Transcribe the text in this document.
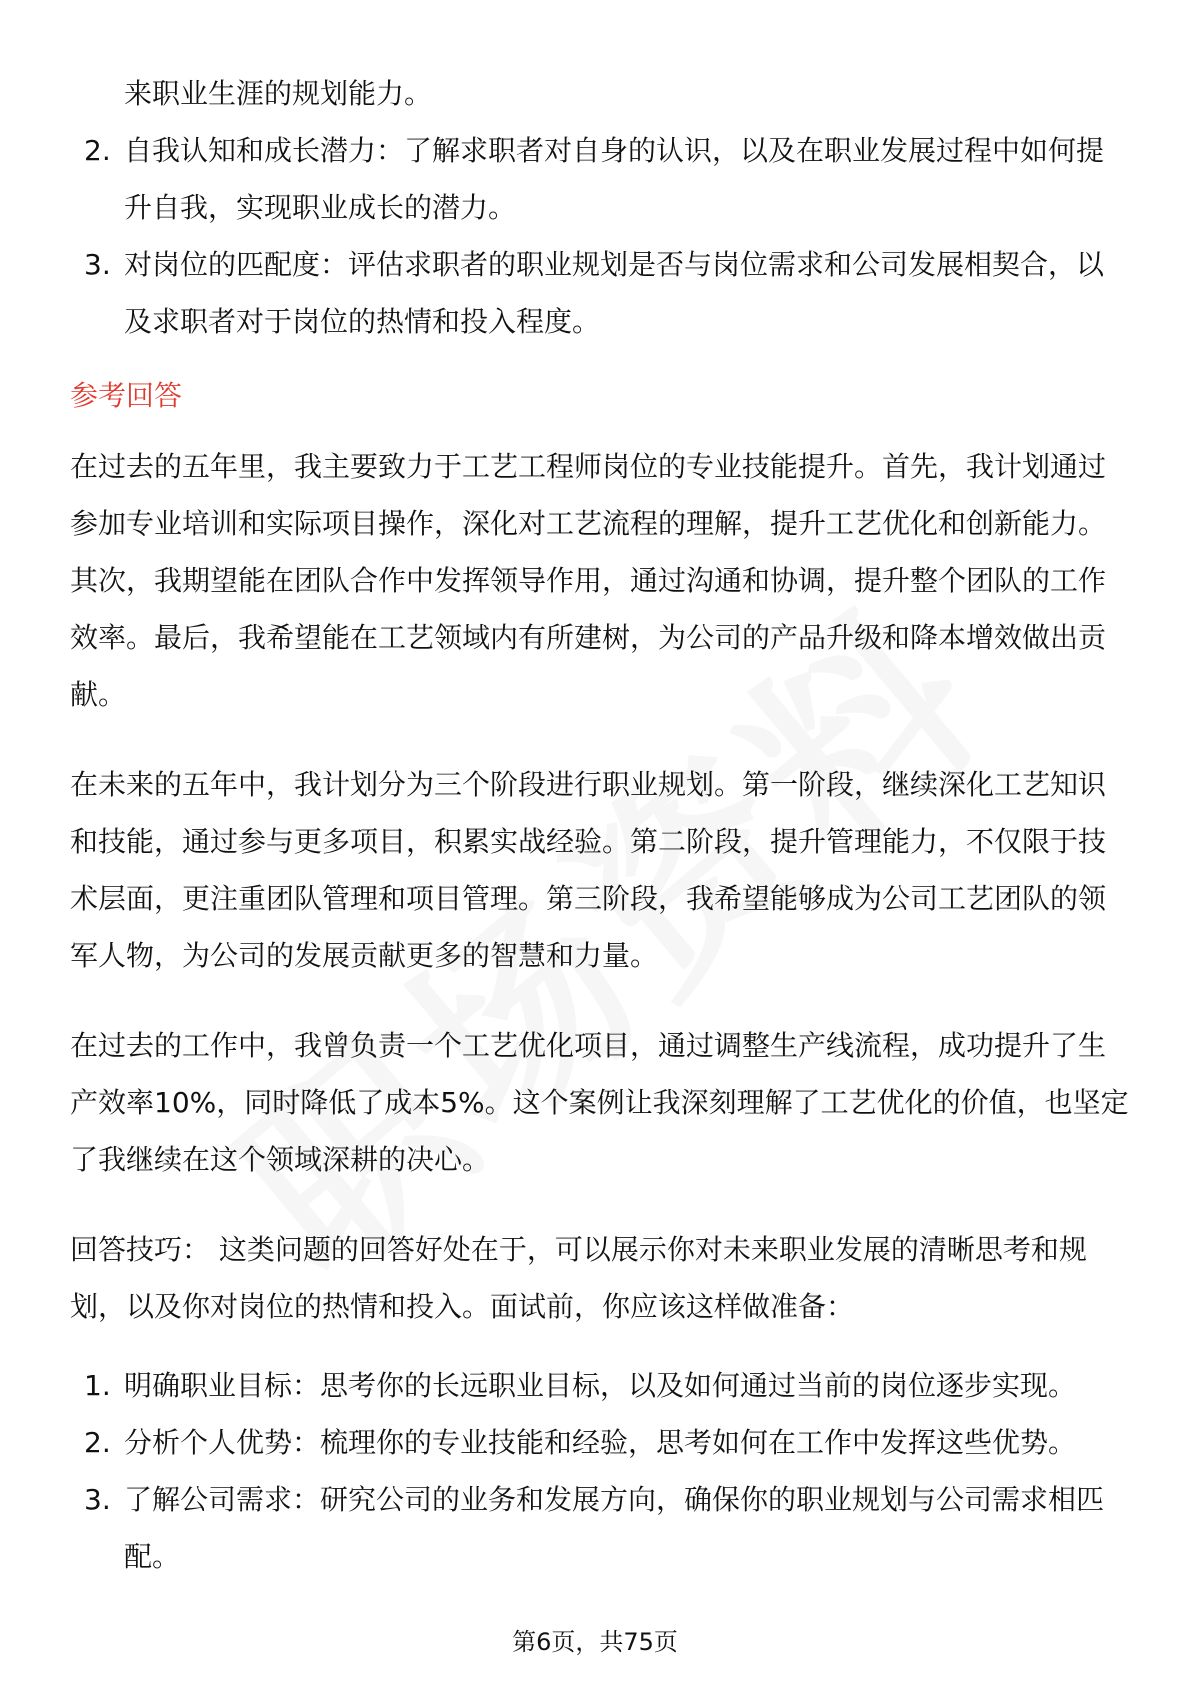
来职业生涯的规划能力。
2. 自我认知和成长潜力：了解求职者对自身的认识，以及在职业发展过程中如何提升自我，实现职业成长的潜力。
3. 对岗位的匹配度：评估求职者的职业规划是否与岗位需求和公司发展相契合，以及求职者对于岗位的热情和投入程度。
参考回答

在过去的五年里，我主要致力于工艺工程师岗位的专业技能提升。首先，我计划通过参加专业培训和实际项目操作，深化对工艺流程的理解，提升工艺优化和创新能力。其次，我期望能在团队合作中发挥领导作用，通过沟通和协调，提升整个团队的工作效率。最后，我希望能在工艺领域内有所建树，为公司的产品升级和降本增效做出贡献。

在未来的五年中，我计划分为三个阶段进行职业规划。第一阶段，继续深化工艺知识和技能，通过参与更多项目，积累实战经验。第二阶段，提升管理能力，不仅限于技术层面，更注重团队管理和项目管理。第三阶段，我希望能够成为公司工艺团队的领军人物，为公司的发展贡献更多的智慧和力量。

在过去的工作中，我曾负责一个工艺优化项目，通过调整生产线流程，成功提升了生产效率10%，同时降低了成本5%。这个案例让我深刻理解了工艺优化的价值，也坚定了我继续在这个领域深耕的决心。

回答技巧： 这类问题的回答好处在于，可以展示你对未来职业发展的清晰思考和规划，以及你对岗位的热情和投入。面试前，你应该这样做准备：

1. 明确职业目标：思考你的长远职业目标，以及如何通过当前的岗位逐步实现。
2. 分析个人优势：梳理你的专业技能和经验，思考如何在工作中发挥这些优势。
3. 了解公司需求：研究公司的业务和发展方向，确保你的职业规划与公司需求相匹配。
第6页，共75页
